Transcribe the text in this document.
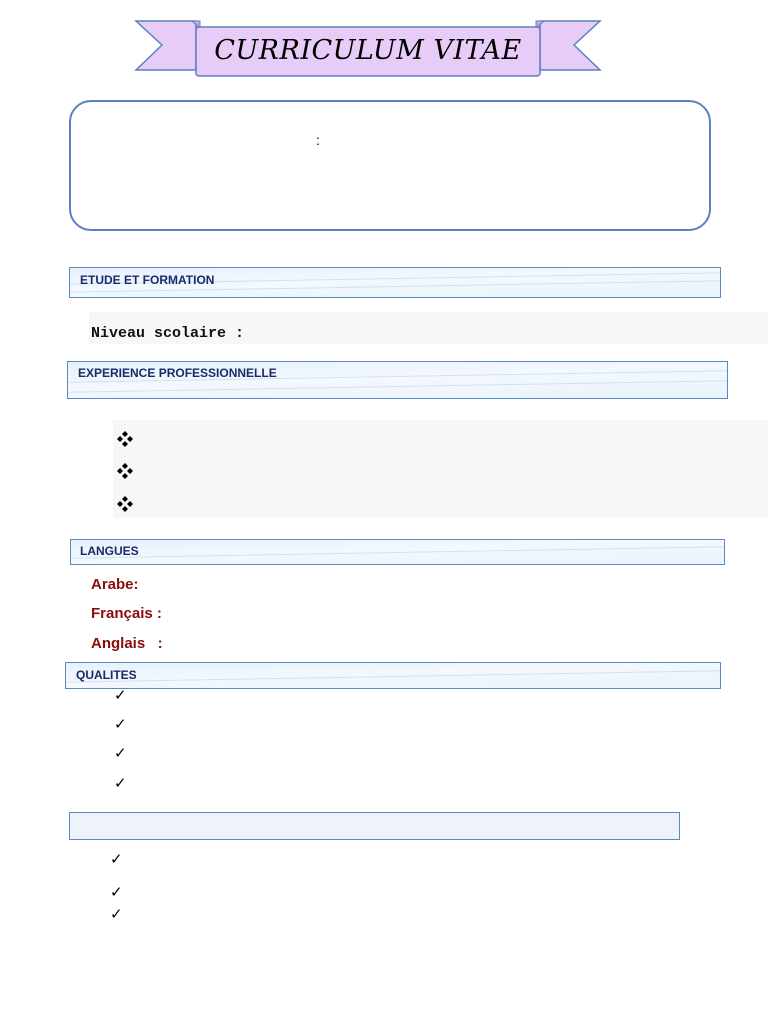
CURRICULUM VITAE
:
ETUDE ET FORMATION
Niveau scolaire :
EXPERIENCE PROFESSIONNELLE
LANGUES
Arabe:
Français :
Anglais   :
QUALITES
✓
✓
✓
✓
✓
✓
✓
